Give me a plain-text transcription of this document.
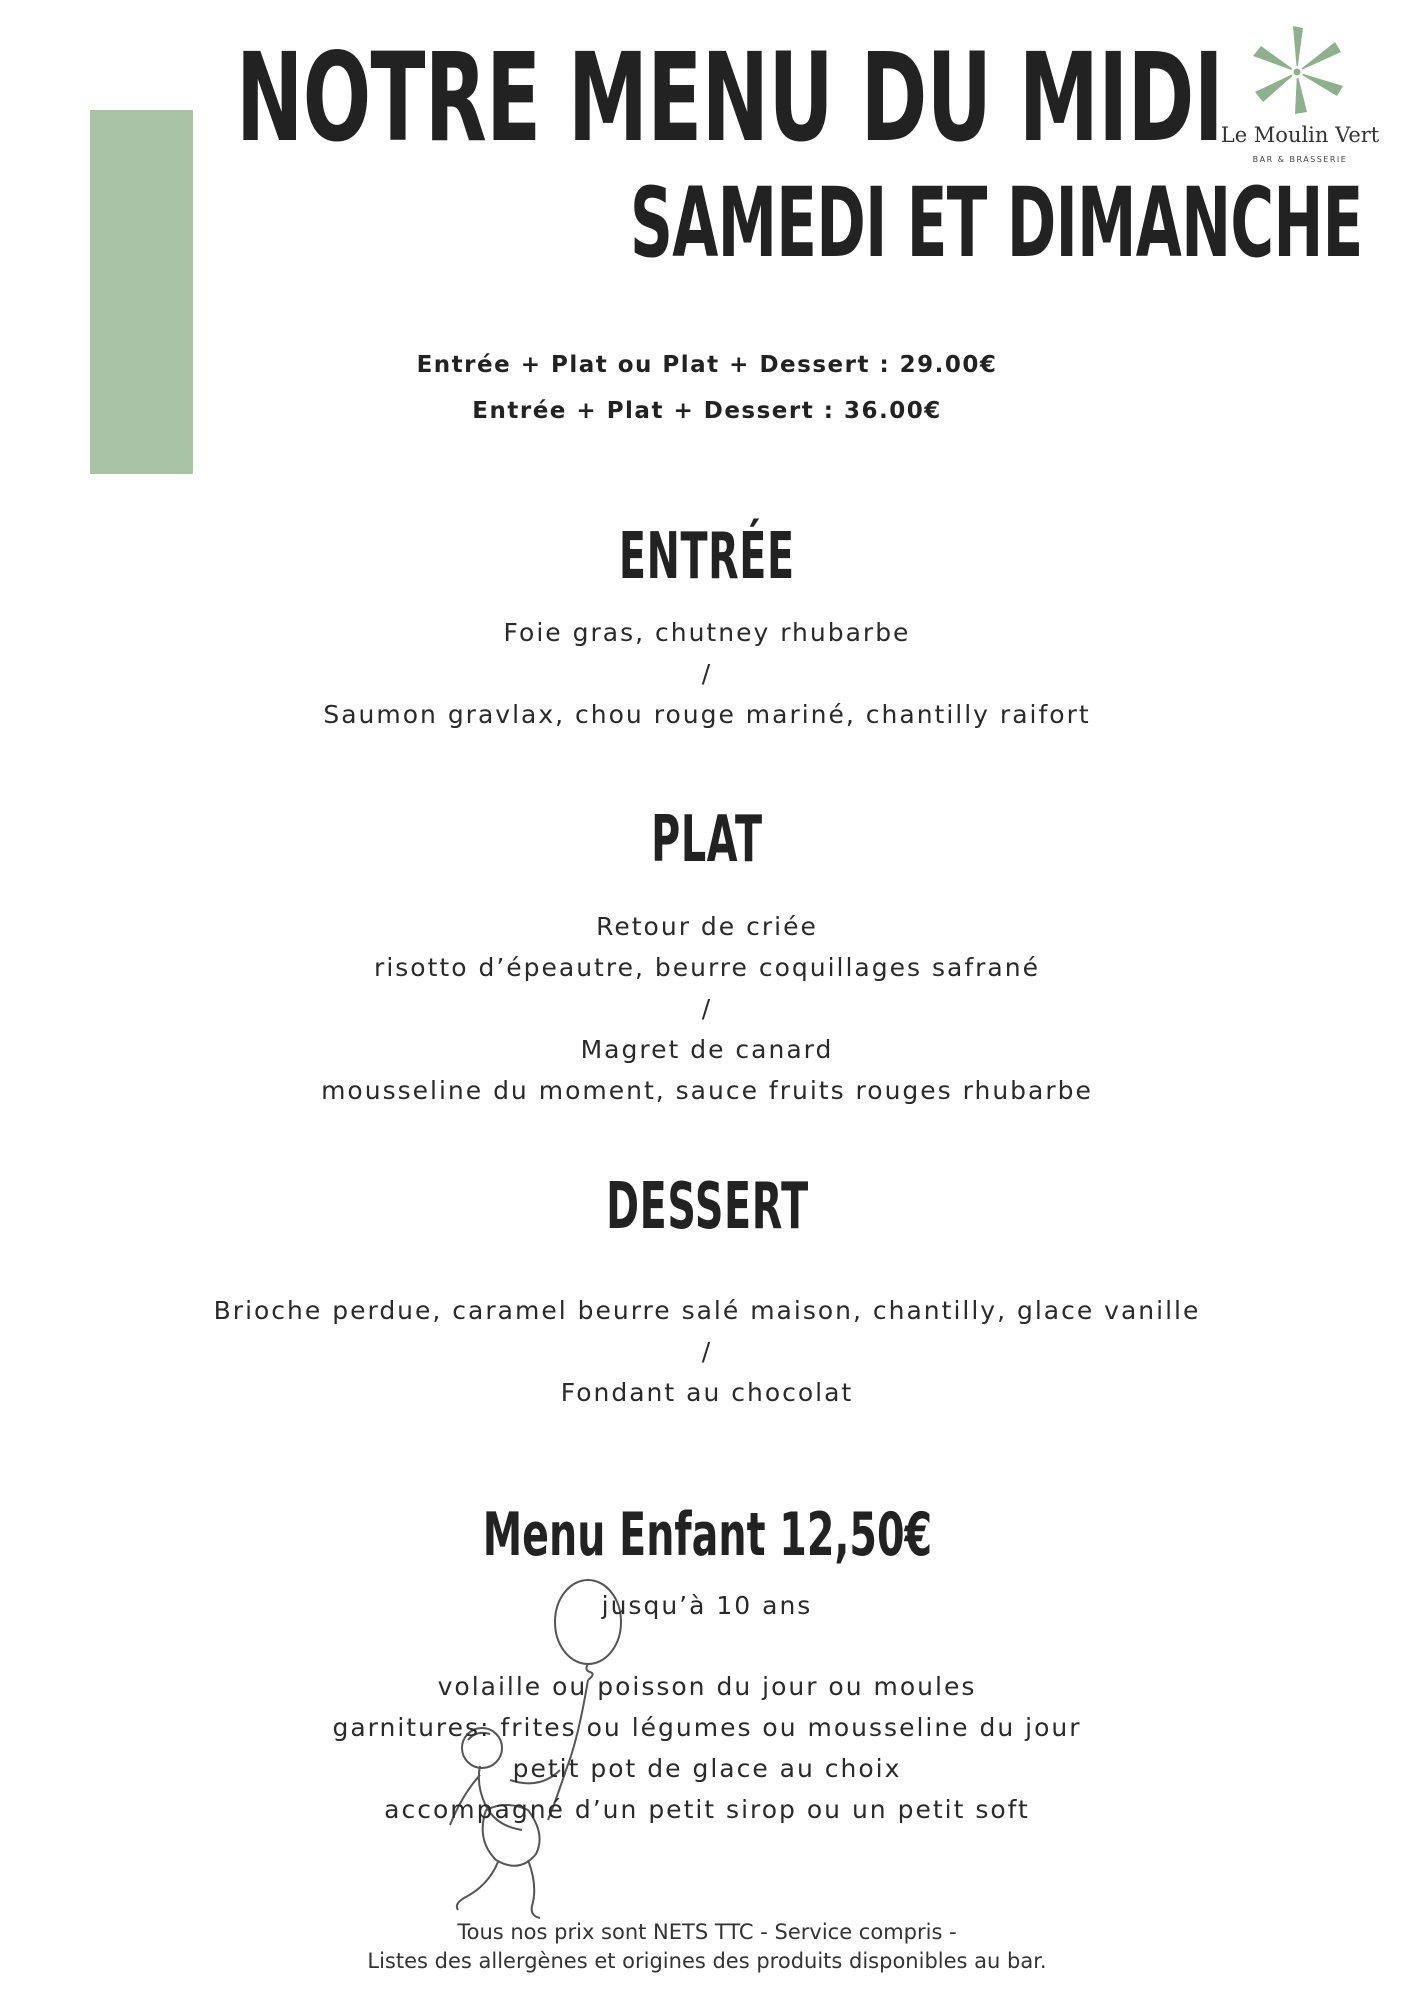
NOTRE MENU DU MIDI
SAMEDI ET DIMANCHE
Le Moulin Vert
BAR & BRASSERIE
Entrée + Plat ou Plat + Dessert : 29.00€
Entrée + Plat + Dessert : 36.00€
ENTRÉE
Foie gras, chutney rhubarbe
/
Saumon gravlax, chou rouge mariné, chantilly raifort
PLAT
Retour de criée
risotto d’épeautre, beurre coquillages safrané
/
Magret de canard
mousseline du moment, sauce fruits rouges rhubarbe
DESSERT
Brioche perdue, caramel beurre salé maison, chantilly, glace vanille
/
Fondant au chocolat
Menu Enfant 12,50€
jusqu’à 10 ans
volaille ou poisson du jour ou moules
garnitures: frites ou légumes ou mousseline du jour
petit pot de glace au choix
accompagné d’un petit sirop ou un petit soft
Tous nos prix sont NETS TTC - Service compris -
Listes des allergènes et origines des produits disponibles au bar.
